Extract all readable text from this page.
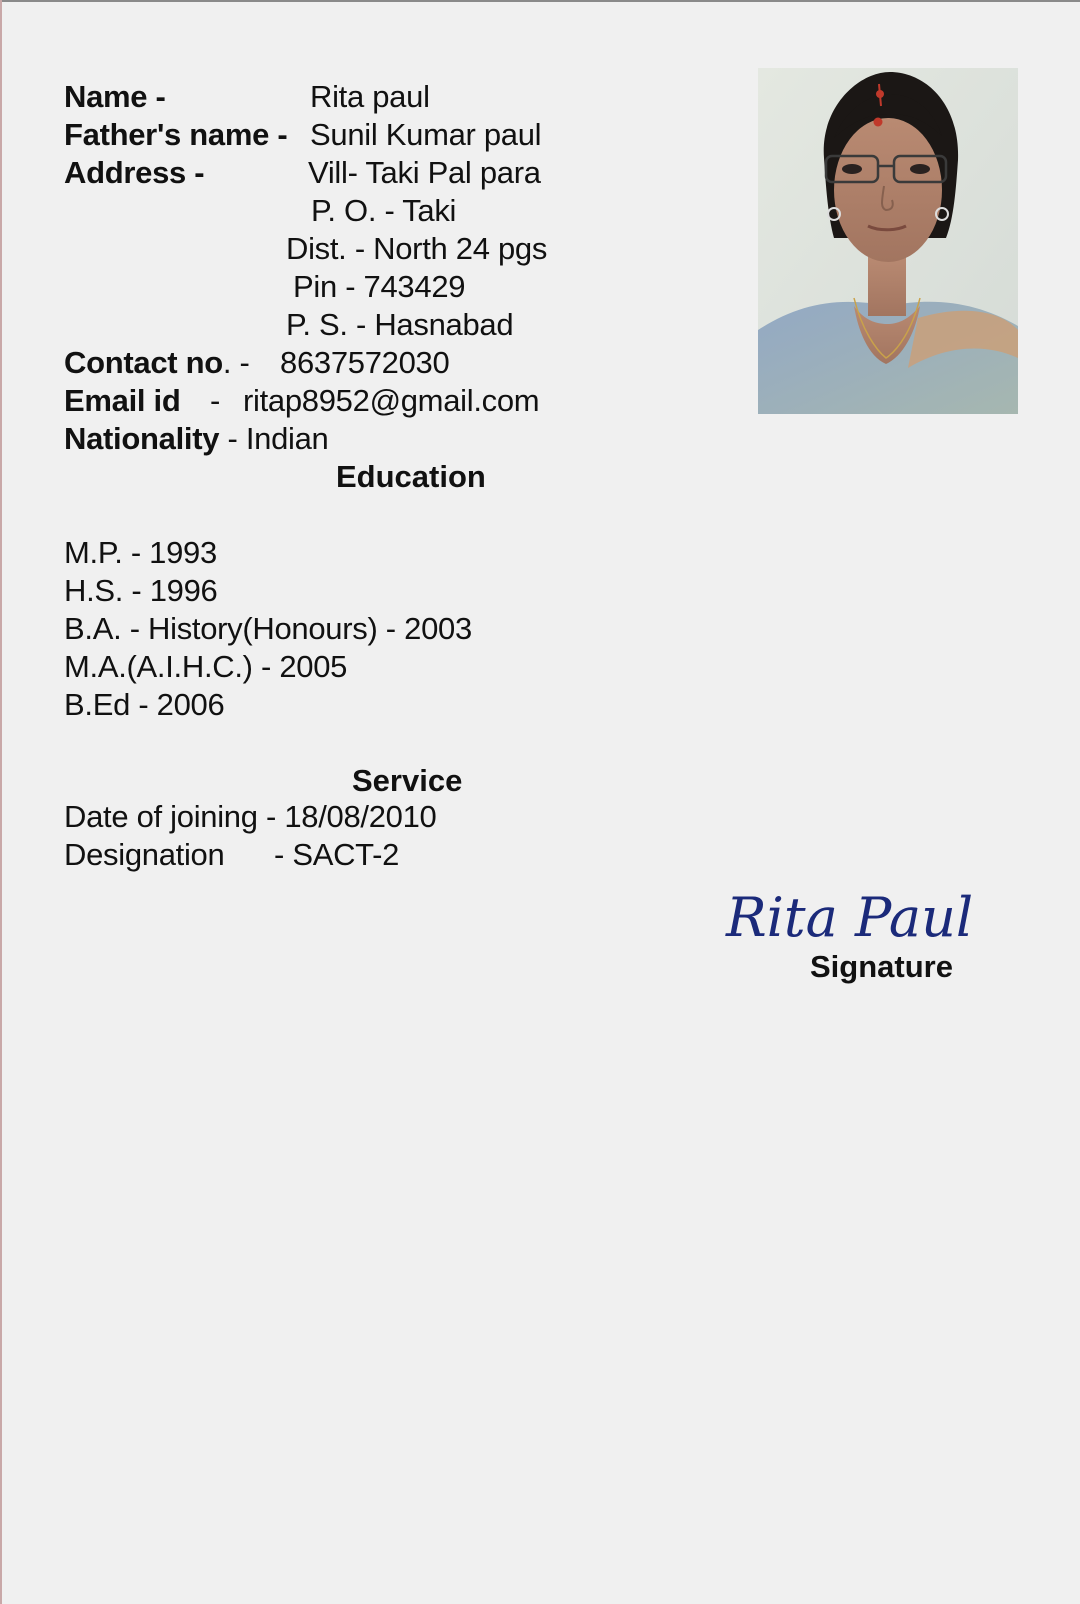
Name -	Rita paul
Father's name - Sunil Kumar paul
Address -	Vill- Taki Pal para
P. O. - Taki
Dist. - North 24 pgs
Pin - 743429
P. S. - Hasnabad
Contact no. - 8637572030
Email id - ritap8952@gmail.com
Nationality - Indian
Education
M.P. - 1993
H.S. - 1996
B.A. - History(Honours) - 2003
M.A.(A.I.H.C.) - 2005
B.Ed - 2006
Service
Date of joining - 18/08/2010
Designation - SACT-2
Rita Paul
Signature
